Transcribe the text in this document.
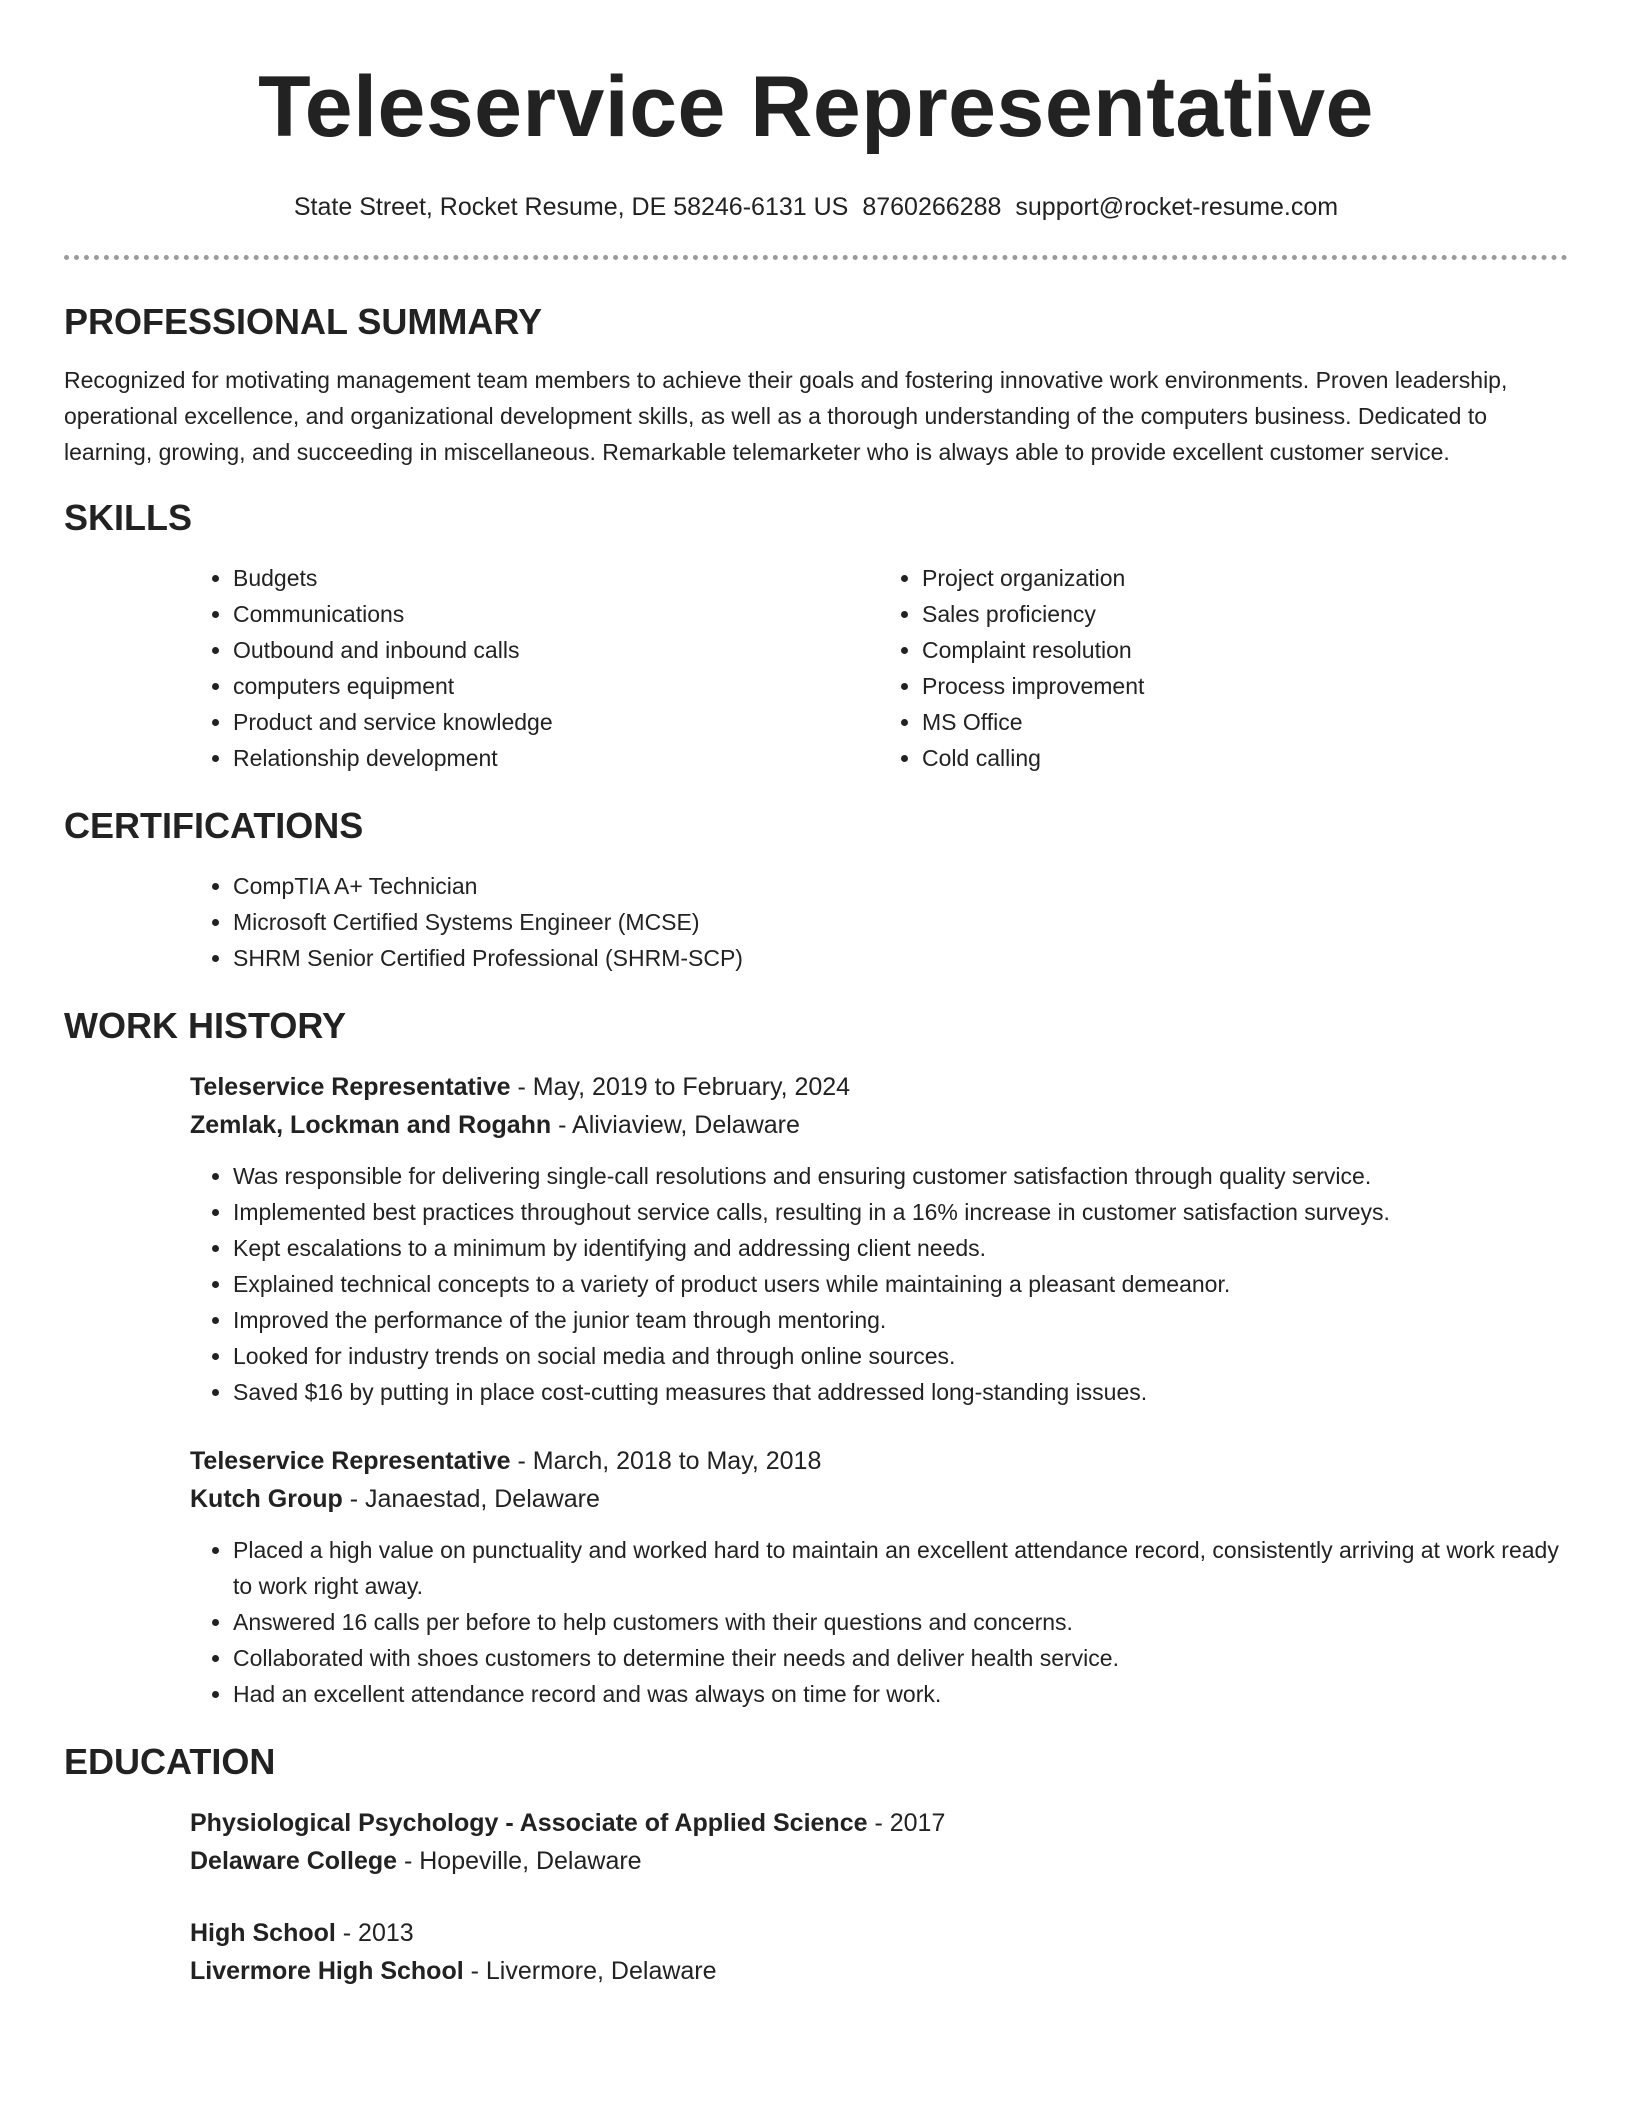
Teleservice Representative
State Street, Rocket Resume, DE 58246-6131 US 8760266288 support@rocket-resume.com
PROFESSIONAL SUMMARY

Recognized for motivating management team members to achieve their goals and fostering innovative work environments. Proven leadership, operational excellence, and organizational development skills, as well as a thorough understanding of the computers business. Dedicated to learning, growing, and succeeding in miscellaneous. Remarkable telemarketer who is always able to provide excellent customer service.

SKILLS
• Budgets
• Communications
• Outbound and inbound calls
• computers equipment
• Product and service knowledge
• Relationship development
• Project organization
• Sales proficiency
• Complaint resolution
• Process improvement
• MS Office
• Cold calling
CERTIFICATIONS
• CompTIA A+ Technician
• Microsoft Certified Systems Engineer (MCSE)
• SHRM Senior Certified Professional (SHRM-SCP)
WORK HISTORY
Teleservice Representative - May, 2019 to February, 2024
Zemlak, Lockman and Rogahn - Aliviaview, Delaware
• Was responsible for delivering single-call resolutions and ensuring customer satisfaction through quality service.
• Implemented best practices throughout service calls, resulting in a 16% increase in customer satisfaction surveys.
• Kept escalations to a minimum by identifying and addressing client needs.
• Explained technical concepts to a variety of product users while maintaining a pleasant demeanor.
• Improved the performance of the junior team through mentoring.
• Looked for industry trends on social media and through online sources.
• Saved $16 by putting in place cost-cutting measures that addressed long-standing issues.
Teleservice Representative - March, 2018 to May, 2018
Kutch Group - Janaestad, Delaware
• Placed a high value on punctuality and worked hard to maintain an excellent attendance record, consistently arriving at work ready to work right away.
• Answered 16 calls per before to help customers with their questions and concerns.
• Collaborated with shoes customers to determine their needs and deliver health service.
• Had an excellent attendance record and was always on time for work.
EDUCATION
Physiological Psychology - Associate of Applied Science - 2017
Delaware College - Hopeville, Delaware
High School - 2013
Livermore High School - Livermore, Delaware
